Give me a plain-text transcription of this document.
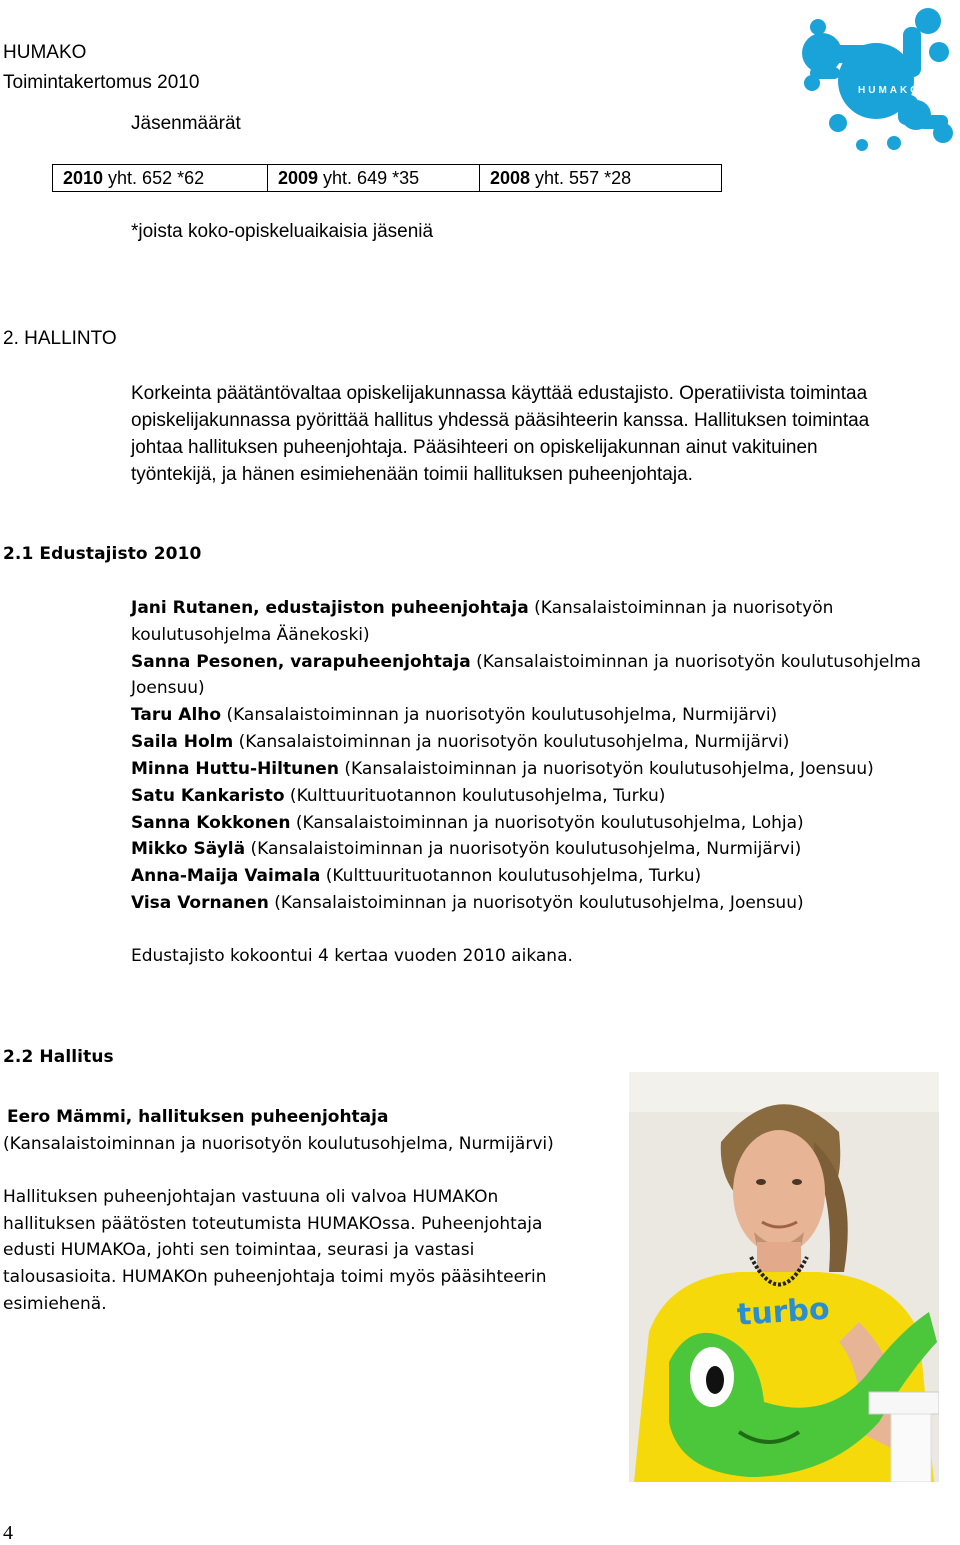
HUMAKO
Toimintakertomus 2010
Jäsenmäärät
HUMAKO
2010 yht. 652 *62	2009 yht. 649 *35	2008 yht. 557 *28
*joista koko-opiskeluaikaisia jäseniä
2. HALLINTO
Korkeinta päätäntövaltaa opiskelijakunnassa käyttää edustajisto. Operatiivista toimintaa
opiskelijakunnassa pyörittää hallitus yhdessä pääsihteerin kanssa. Hallituksen toimintaa
johtaa hallituksen puheenjohtaja. Pääsihteeri on opiskelijakunnan ainut vakituinen
työntekijä, ja hänen esimiehenään toimii hallituksen puheenjohtaja.
2.1 Edustajisto 2010
Jani Rutanen, edustajiston puheenjohtaja (Kansalaistoiminnan ja nuorisotyön
koulutusohjelma Äänekoski)
Sanna Pesonen, varapuheenjohtaja (Kansalaistoiminnan ja nuorisotyön koulutusohjelma
Joensuu)
Taru Alho (Kansalaistoiminnan ja nuorisotyön koulutusohjelma, Nurmijärvi)
Saila Holm (Kansalaistoiminnan ja nuorisotyön koulutusohjelma, Nurmijärvi)
Minna Huttu-Hiltunen (Kansalaistoiminnan ja nuorisotyön koulutusohjelma, Joensuu)
Satu Kankaristo (Kulttuurituotannon koulutusohjelma, Turku)
Sanna Kokkonen (Kansalaistoiminnan ja nuorisotyön koulutusohjelma, Lohja)
Mikko Säylä (Kansalaistoiminnan ja nuorisotyön koulutusohjelma, Nurmijärvi)
Anna-Maija Vaimala (Kulttuurituotannon koulutusohjelma, Turku)
Visa Vornanen (Kansalaistoiminnan ja nuorisotyön koulutusohjelma, Joensuu)
Edustajisto kokoontui 4 kertaa vuoden 2010 aikana.
2.2 Hallitus
Eero Mämmi, hallituksen puheenjohtaja
(Kansalaistoiminnan ja nuorisotyön koulutusohjelma, Nurmijärvi)
Hallituksen puheenjohtajan vastuuna oli valvoa HUMAKOn
hallituksen päätösten toteutumista HUMAKOssa. Puheenjohtaja
edusti HUMAKOa, johti sen toimintaa, seurasi ja vastasi
talousasioita. HUMAKOn puheenjohtaja toimi myös pääsihteerin
esimiehenä.	turbo
4
